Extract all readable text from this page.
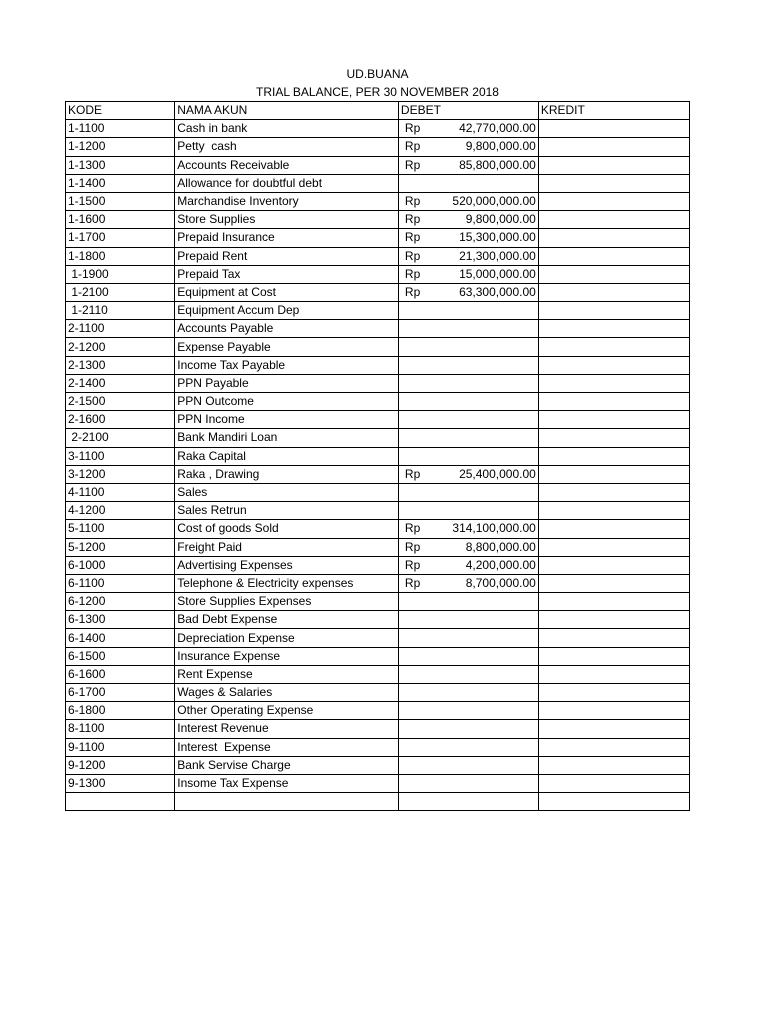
UD.BUANA
TRIAL BALANCE, PER 30 NOVEMBER 2018
KODE	NAMA AKUN	DEBET	KREDIT
1-1100	Cash in bank	Rp 42,770,000.00	

1-1200	Petty  cash	Rp 9,800,000.00	

1-1300	Accounts Receivable	Rp 85,800,000.00	

1-1400	Allowance for doubtful debt	

1-1500	Marchandise Inventory	Rp 520,000,000.00	

1-1600	Store Supplies	Rp 9,800,000.00	

1-1700	Prepaid Insurance	Rp 15,300,000.00	

1-1800	Prepaid Rent	Rp 21,300,000.00	

1-1900	Prepaid Tax	Rp 15,000,000.00	

1-2100	Equipment at Cost	Rp 63,300,000.00	

1-2110	Equipment Accum Dep	

2-1100	Accounts Payable	

2-1200	Expense Payable	

2-1300	Income Tax Payable	

2-1400	PPN Payable	

2-1500	PPN Outcome	

2-1600	PPN Income	

2-2100	Bank Mandiri Loan	

3-1100	Raka Capital	

3-1200	Raka , Drawing	Rp 25,400,000.00	

4-1100	Sales	

4-1200	Sales Retrun	

5-1100	Cost of goods Sold	Rp 314,100,000.00	

5-1200	Freight Paid	Rp 8,800,000.00	

6-1000	Advertising Expenses	Rp 4,200,000.00	

6-1100	Telephone & Electricity expenses	Rp 8,700,000.00	

6-1200	Store Supplies Expenses	

6-1300	Bad Debt Expense	

6-1400	Depreciation Expense	

6-1500	Insurance Expense	

6-1600	Rent Expense	

6-1700	Wages & Salaries	

6-1800	Other Operating Expense	

8-1100	Interest Revenue	

9-1100	Interest  Expense	

9-1200	Bank Servise Charge	

9-1300	Insome Tax Expense	
